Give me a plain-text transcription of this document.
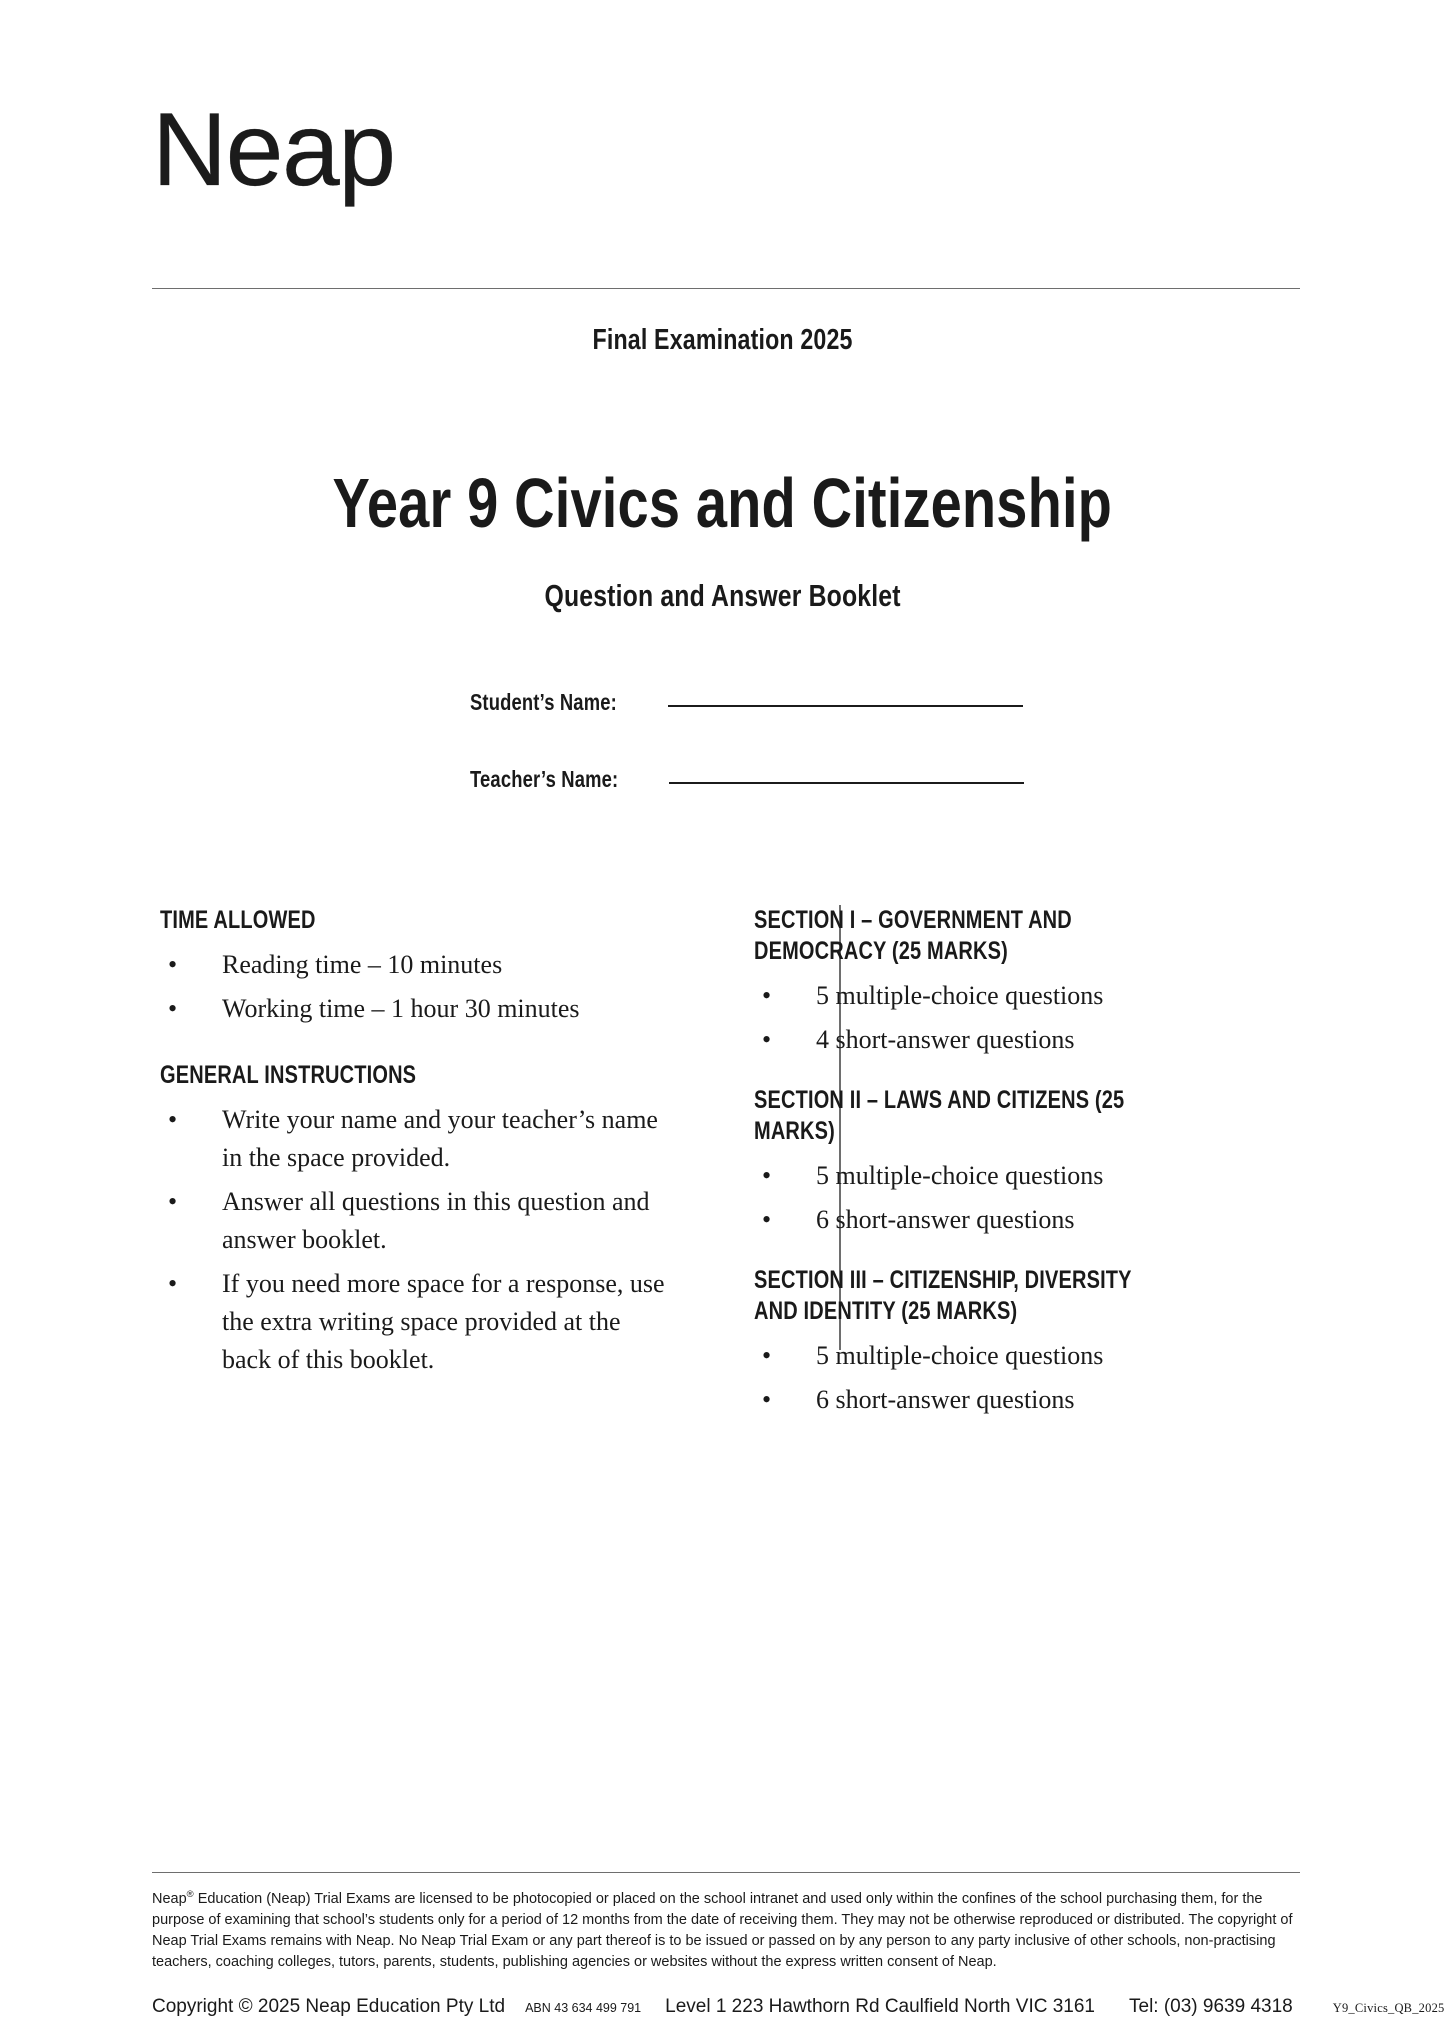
Neap
Final Examination 2025
Year 9 Civics and Citizenship
Question and Answer Booklet
Student’s Name:
Teacher’s Name:
TIME ALLOWED
• Reading time – 10 minutes
• Working time – 1 hour 30 minutes
GENERAL INSTRUCTIONS
• Write your name and your teacher’s name in the space provided.
• Answer all questions in this question and answer booklet.
• If you need more space for a response, use the extra writing space provided at the back of this booklet.
SECTION I – GOVERNMENT AND DEMOCRACY (25 MARKS)
• 5 multiple-choice questions
• 4 short-answer questions
SECTION II – LAWS AND CITIZENS (25 MARKS)
• 5 multiple-choice questions
• 6 short-answer questions
SECTION III – CITIZENSHIP, DIVERSITY AND IDENTITY (25 MARKS)
• 5 multiple-choice questions
• 6 short-answer questions

Neap® Education (Neap) Trial Exams are licensed to be photocopied or placed on the school intranet and used only within the confines of the school purchasing them, for the purpose of examining that school’s students only for a period of 12 months from the date of receiving them. They may not be otherwise reproduced or distributed. The copyright of Neap Trial Exams remains with Neap. No Neap Trial Exam or any part thereof is to be issued or passed on by any person to any party inclusive of other schools, non-practising teachers, coaching colleges, tutors, parents, students, publishing agencies or websites without the express written consent of Neap.

Copyright © 2025 Neap Education Pty Ltd ABN 43 634 499 791 Level 1 223 Hawthorn Rd Caulfield North VIC 3161 Tel: (03) 9639 4318	Y9_Civics_QB_2025
